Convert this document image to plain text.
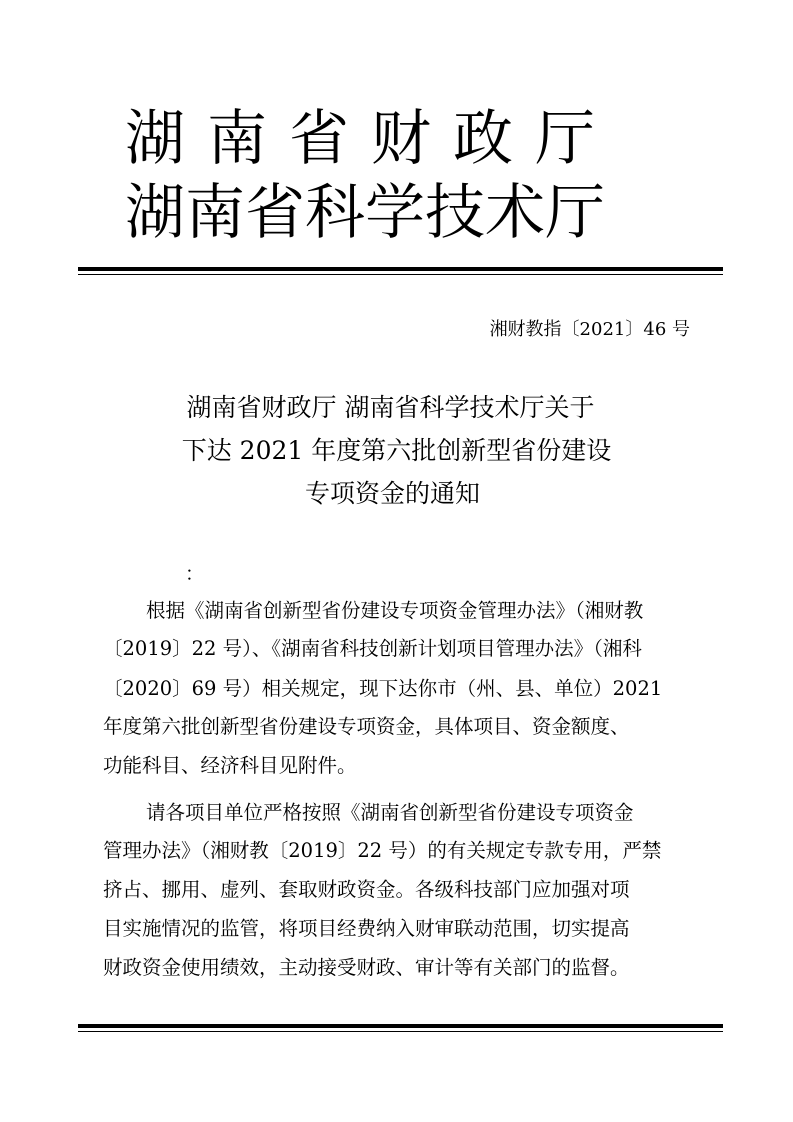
湖南省财政厅
湖南省科学技术厅
湘财教指〔2021〕46 号
湖南省财政厅 湖南省科学技术厅关于
下达 2021 年度第六批创新型省份建设
专项资金的通知
：
根据《湖南省创新型省份建设专项资金管理办法》（湘财教
〔2019〕22 号）、《湖南省科技创新计划项目管理办法》（湘科
〔2020〕69 号）相关规定，现下达你市（州、县、单位）2021
年度第六批创新型省份建设专项资金，具体项目、资金额度、
功能科目、经济科目见附件。
请各项目单位严格按照《湖南省创新型省份建设专项资金
管理办法》（湘财教〔2019〕22 号）的有关规定专款专用，严禁
挤占、挪用、虚列、套取财政资金。各级科技部门应加强对项
目实施情况的监管，将项目经费纳入财审联动范围，切实提高
财政资金使用绩效，主动接受财政、审计等有关部门的监督。
